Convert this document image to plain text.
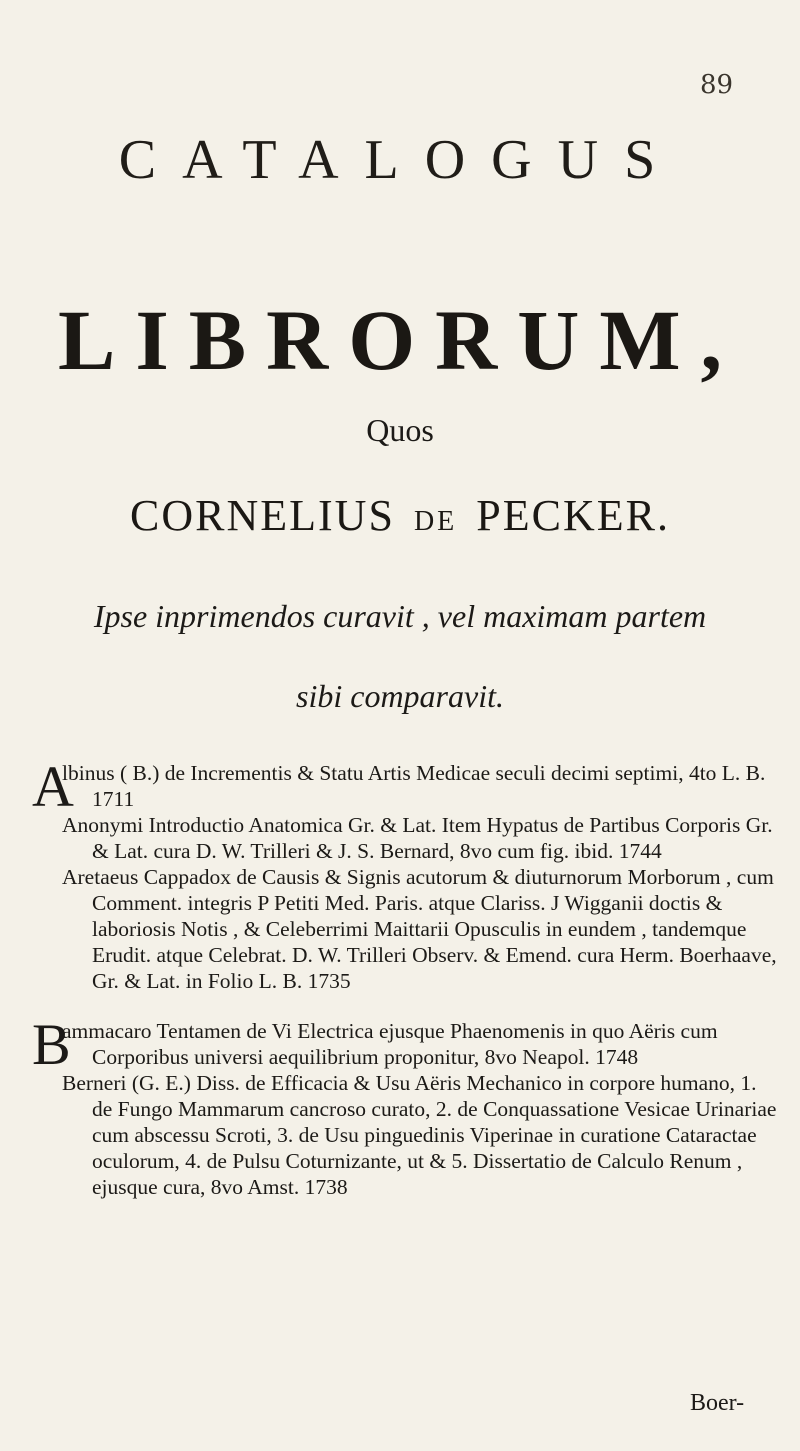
89
CATALOGUS
LIBRORUM,
Quos
CORNELIUS DE PECKER.
Ipse inprimendos curavit , vel maximam partem
sibi comparavit.

A
lbinus ( B.) de Incrementis & Statu Artis Medicae seculi decimi septimi, 4to L. B. 1711

Anonymi Introductio Anatomica Gr. & Lat. Item Hypatus de Partibus Corporis Gr. & Lat. cura D. W. Trilleri & J. S. Bernard, 8vo cum fig. ibid. 1744

Aretaeus Cappadox de Causis & Signis acutorum & diuturnorum Morborum , cum Comment. integris P Petiti Med. Paris. atque Clariss. J Wigganii doctis & laboriosis Notis , & Celeberrimi Maittarii Opusculis in eundem , tandemque Erudit. atque Celebrat. D. W. Trilleri Observ. & Emend. cura Herm. Boerhaave, Gr. & Lat. in Folio L. B. 1735

B
ammacaro Tentamen de Vi Electrica ejusque Phaenomenis in quo Aëris cum Corporibus universi aequilibrium proponitur, 8vo Neapol. 1748

Berneri (G. E.) Diss. de Efficacia & Usu Aëris Mechanico in corpore humano, 1. de Fungo Mammarum cancroso curato, 2. de Conquassatione Vesicae Urinariae cum abscessu Scroti, 3. de Usu pinguedinis Viperinae in curatione Cataractae oculorum, 4. de Pulsu Coturnizante, ut & 5. Dissertatio de Calculo Renum , ejusque cura, 8vo Amst. 1738

Boer-
